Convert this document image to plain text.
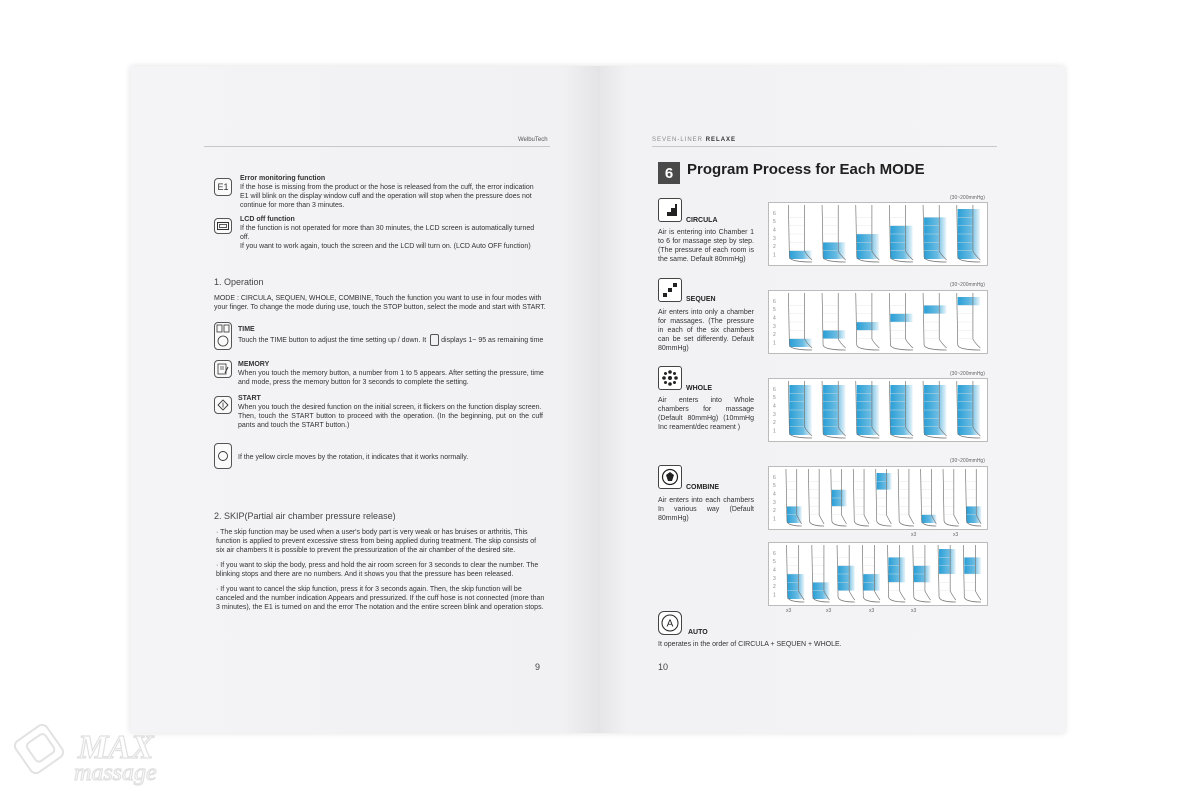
WelbuTech
E1
Error monitoring function
If the hose is missing from the product or the hose is released from the cuff, the error indication E1 will blink on the display window cuff and the operation will stop when the pressure does not continue for more than 3 minutes.
LCD off function
If the function is not operated for more than 30 minutes, the LCD screen is automatically turned off.
If you want to work again, touch the screen and the LCD will turn on. (LCD Auto OFF function)
1. Operation
MODE : CIRCULA, SEQUEN, WHOLE, COMBINE, Touch the function you want to use in four modes with your finger. To change the mode during use, touch the STOP button, select the mode and start with START.
TIME
Touch the TIME button to adjust the time setting up / down. It displays 1~ 95 as remaining time
MEMORY
When you touch the memory button, a number from 1 to 5 appears. After setting the pressure, time and mode, press the memory button for 3 seconds to complete the setting.
START
When you touch the desired function on the initial screen, it flickers on the function display screen.
Then, touch the START button to proceed with the operation. (In the beginning, put on the cuff pants and touch the START button.)
If the yellow circle moves by the rotation, it indicates that it works normally.
2. SKIP(Partial air chamber pressure release)
· The skip function may be used when a user's body part is very weak or has bruises or arthritis, This function is applied to prevent excessive stress from being applied during treatment. The skip consists of six air chambers It is possible to prevent the pressurization of the air chamber of the desired site.
· If you want to skip the body, press and hold the air room screen for 3 seconds to clear the number. The blinking stops and there are no numbers. And it shows you that the pressure has been released.
· If you want to cancel the skip function, press it for 3 seconds again. Then, the skip function will be canceled and the number indication Appears and pressurized. If the cuff hose is not connected (more than 3 minutes), the E1 is turned on and the error The notation and the entire screen blink and operation stops.
9
SEVEN-LINER RELAXE
6 Program Process for Each MODE
CIRCULA
Air is entering into Chamber 1 to 6 for massage step by step. (The pressure of each room is the same. Default 80mmHg)
(30~200mmHg)
6
5
4
3
2
1
SEQUEN
Air enters into only a chamber for massages. (The pressure in each of the six chambers can be set differently. Default 80mmHg)
(30~200mmHg)
6
5
4
3
2
1
WHOLE
Air enters into Whole chambers for massage (Default 80mmHg) (10mmHg Inc reament/dec reament )
(30~200mmHg)
6
5
4
3
2
1
COMBINE
Air enters into each chambers In various way (Default 80mmHg)
(30~200mmHg)
6
5
4
3
2
1
6
5
4
3
2
1
x3	x3
x3	x3	x3	x3
A
AUTO
It operates in the order of CIRCULA + SEQUEN + WHOLE.
10
MAX
massage
